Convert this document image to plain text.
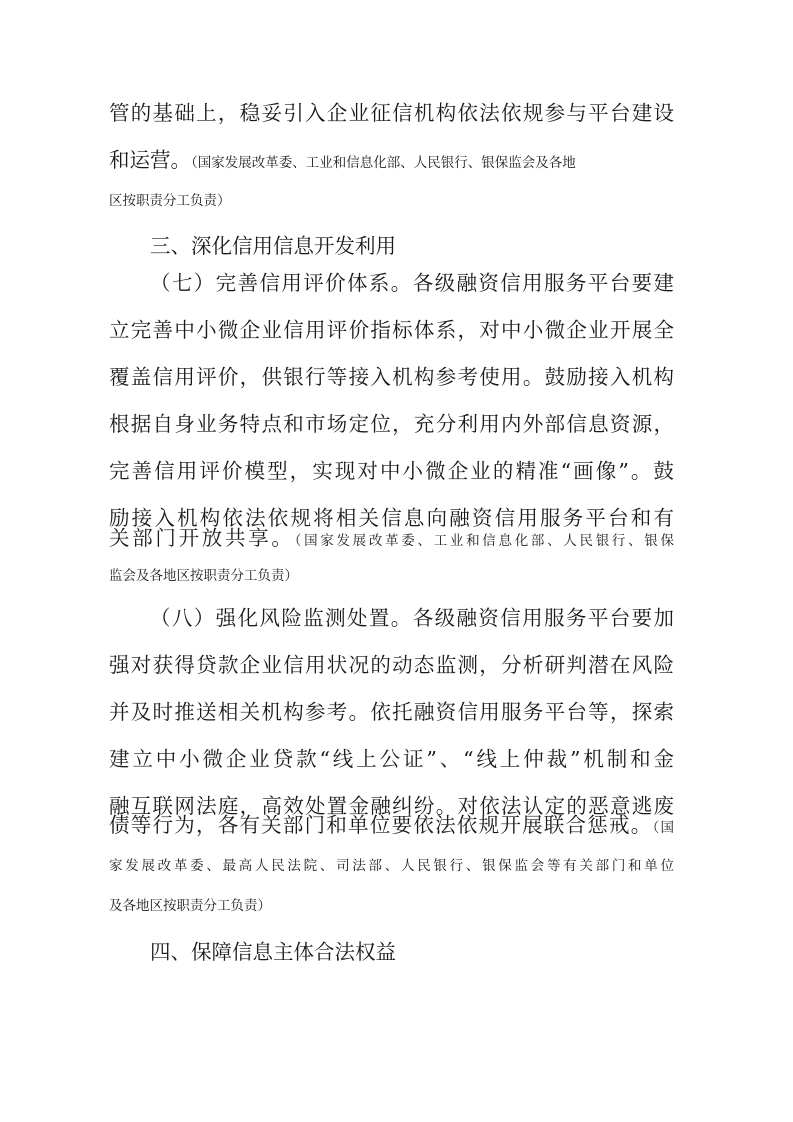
管的基础上，稳妥引入企业征信机构依法依规参与平台建设
和运营。（国家发展改革委、工业和信息化部、人民银行、银保监会及各地
区按职责分工负责）
三、深化信用信息开发利用
（七）完善信用评价体系。各级融资信用服务平台要建
立完善中小微企业信用评价指标体系，对中小微企业开展全
覆盖信用评价，供银行等接入机构参考使用。鼓励接入机构
根据自身业务特点和市场定位，充分利用内外部信息资源，
完善信用评价模型，实现对中小微企业的精准“画像”。鼓
励接入机构依法依规将相关信息向融资信用服务平台和有
关部门开放共享。（国家发展改革委、工业和信息化部、人民银行、银保
监会及各地区按职责分工负责）
（八）强化风险监测处置。各级融资信用服务平台要加
强对获得贷款企业信用状况的动态监测，分析研判潜在风险
并及时推送相关机构参考。依托融资信用服务平台等，探索
建立中小微企业贷款“线上公证”、“线上仲裁”机制和金
融互联网法庭，高效处置金融纠纷。对依法认定的恶意逃废
债等行为，各有关部门和单位要依法依规开展联合惩戒。（国
家发展改革委、最高人民法院、司法部、人民银行、银保监会等有关部门和单位
及各地区按职责分工负责）
四、保障信息主体合法权益
